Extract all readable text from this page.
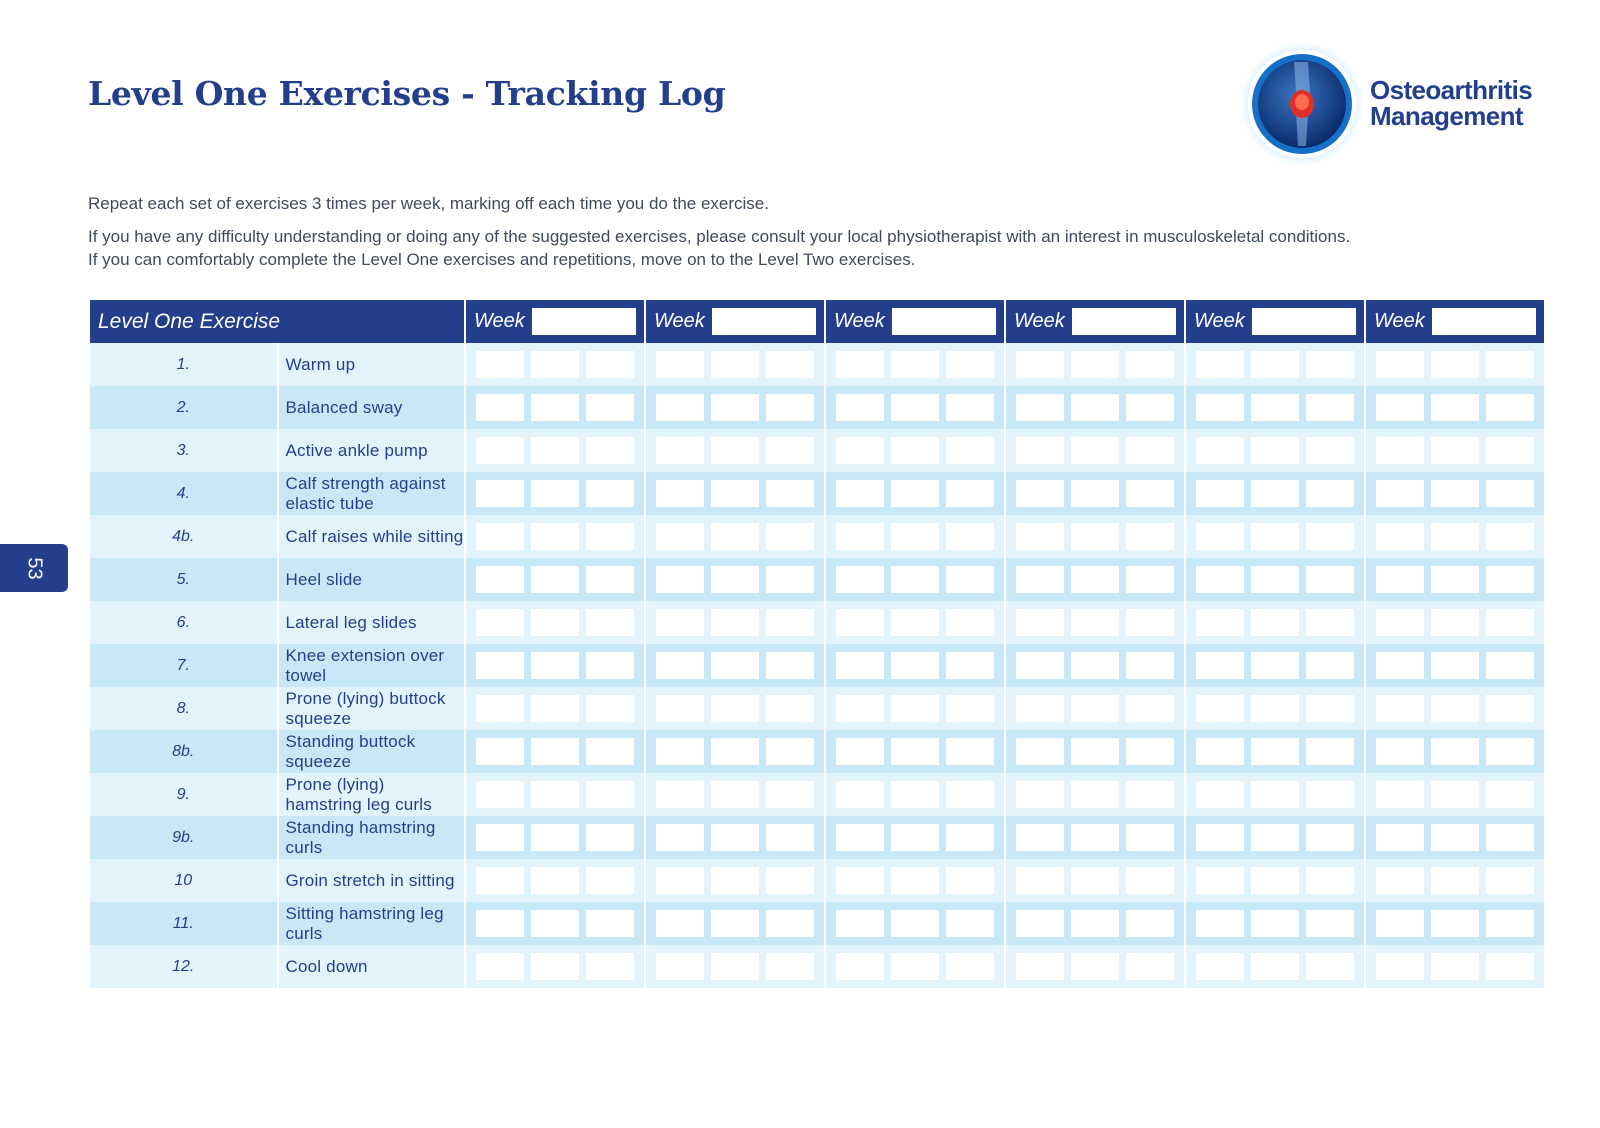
Level One Exercises - Tracking Log	Osteoarthritis
Management

Repeat each set of exercises 3 times per week, marking off each time you do the exercise.

If you have any difficulty understanding or doing any of the suggested exercises, please consult your local physiotherapist with an interest in musculoskeletal conditions.
If you can comfortably complete the Level One exercises and repetitions, move on to the Level Two exercises.

53
Level One Exercise		Week	Week	Week	Week	Week	Week

1.	Warm up	

2.	Balanced sway	

3.	Active ankle pump	

4.	Calf strength against elastic tube	

4b.	Calf raises while sitting	

5.	Heel slide	

6.	Lateral leg slides	

7.	Knee extension over towel	

8.	Prone (lying) buttock squeeze	

8b.	Standing buttock squeeze	

9.	Prone (lying) hamstring leg curls	

9b.	Standing hamstring curls	

10	Groin stretch in sitting	

11.	Sitting hamstring leg curls	

12.	Cool down	
